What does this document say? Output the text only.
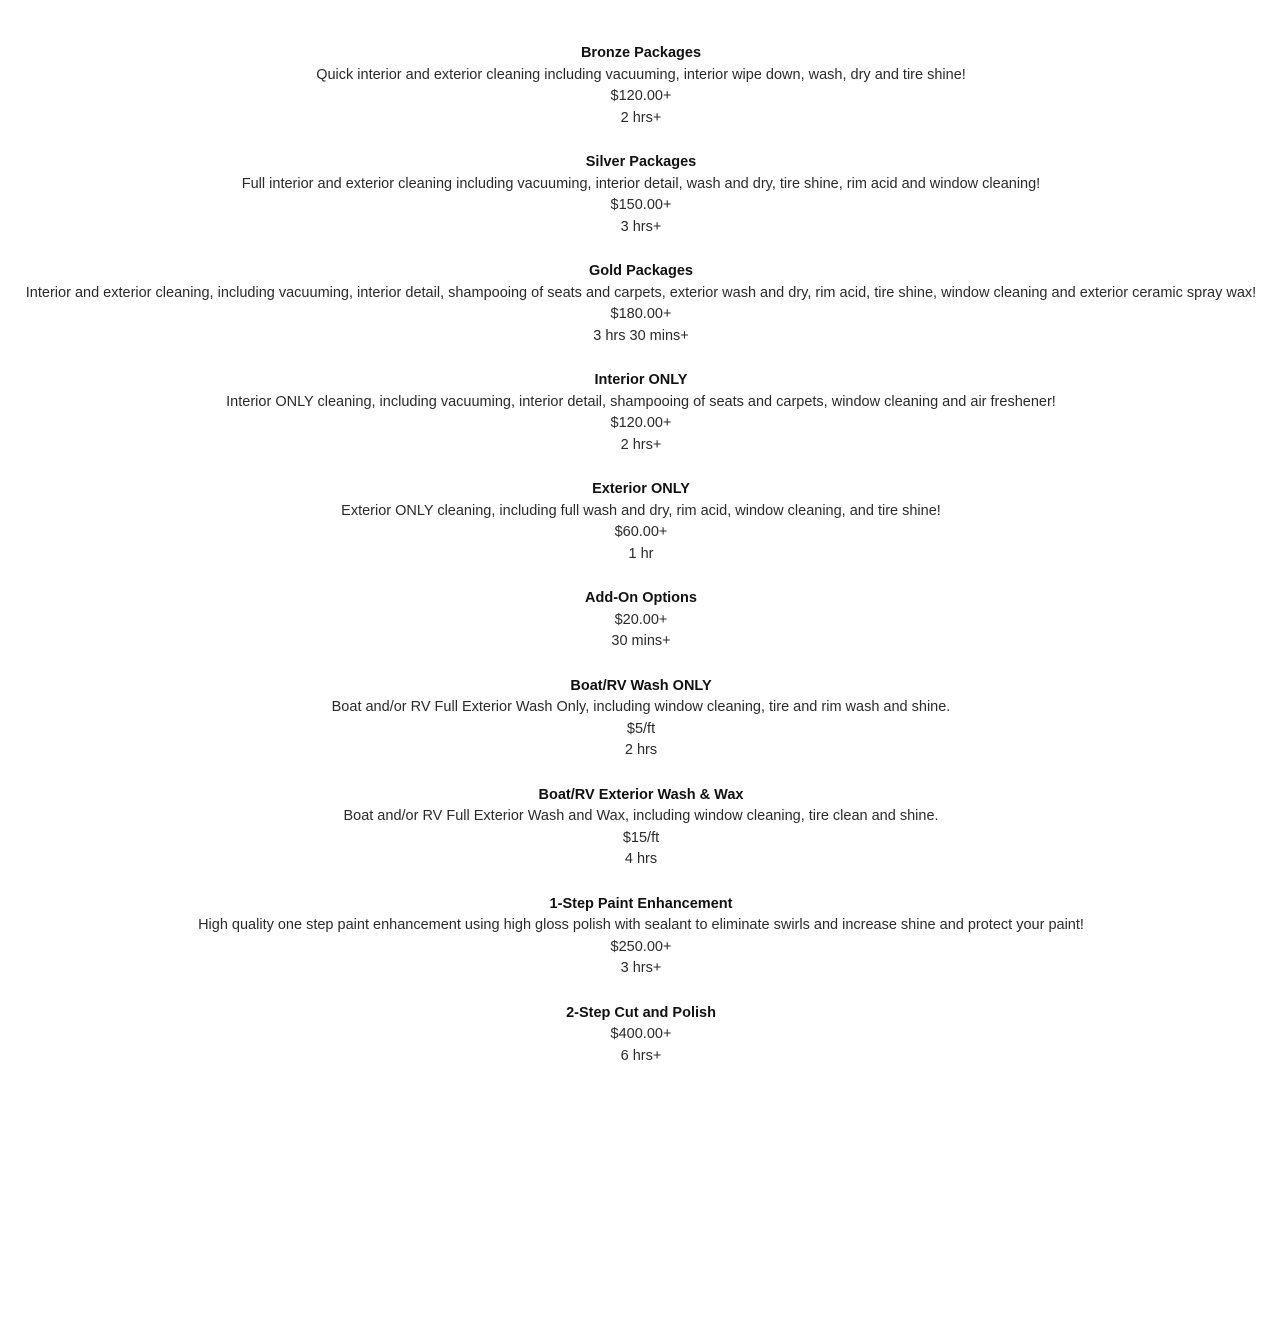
Bronze Packages

Quick interior and exterior cleaning including vacuuming, interior wipe down, wash, dry and tire shine!

$120.00+

2 hrs+

Silver Packages

Full interior and exterior cleaning including vacuuming, interior detail, wash and dry, tire shine, rim acid and window cleaning!

$150.00+

3 hrs+

Gold Packages

Interior and exterior cleaning, including vacuuming, interior detail, shampooing of seats and carpets, exterior wash and dry, rim acid, tire shine, window cleaning and exterior ceramic spray wax!

$180.00+

3 hrs 30 mins+

Interior ONLY

Interior ONLY cleaning, including vacuuming, interior detail, shampooing of seats and carpets, window cleaning and air freshener!

$120.00+

2 hrs+

Exterior ONLY

Exterior ONLY cleaning, including full wash and dry, rim acid, window cleaning, and tire shine!

$60.00+

1 hr

Add-On Options

$20.00+

30 mins+

Boat/RV Wash ONLY

Boat and/or RV Full Exterior Wash Only, including window cleaning, tire and rim wash and shine.

$5/ft

2 hrs

Boat/RV Exterior Wash & Wax

Boat and/or RV Full Exterior Wash and Wax, including window cleaning, tire clean and shine.

$15/ft

4 hrs

1-Step Paint Enhancement

High quality one step paint enhancement using high gloss polish with sealant to eliminate swirls and increase shine and protect your paint!

$250.00+

3 hrs+

2-Step Cut and Polish

$400.00+

6 hrs+
